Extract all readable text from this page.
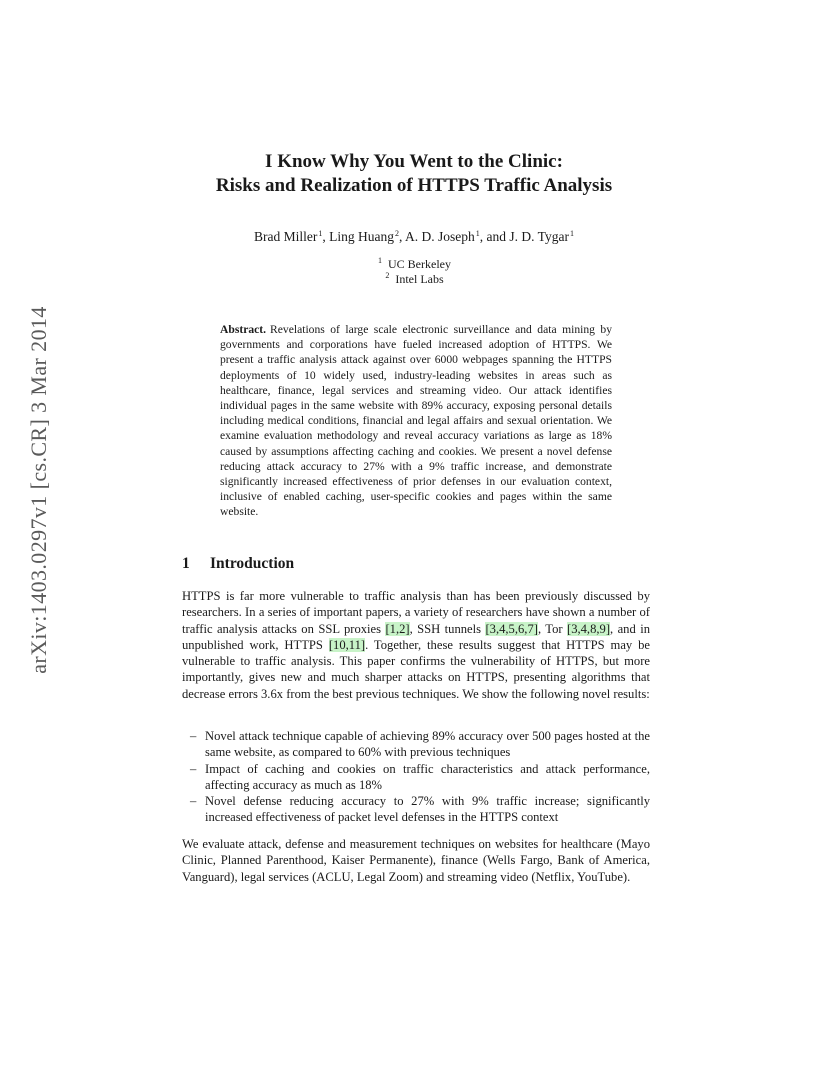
arXiv:1403.0297v1 [cs.CR] 3 Mar 2014
I Know Why You Went to the Clinic:
Risks and Realization of HTTPS Traffic Analysis
Brad Miller$^1$, Ling Huang$^2$, A. D. Joseph$^1$, and J. D. Tygar$^1$
$^1$ UC Berkeley
$^2$ Intel Labs
Abstract. Revelations of large scale electronic surveillance and data mining by governments and corporations have fueled increased adoption of HTTPS. We present a traffic analysis attack against over 6000 webpages spanning the HTTPS deployments of 10 widely used, industry-leading websites in areas such as healthcare, finance, legal services and streaming video. Our attack identifies individual pages in the same website with 89% accuracy, exposing personal details including medical conditions, financial and legal affairs and sexual orientation. We examine evaluation methodology and reveal accuracy variations as large as 18% caused by assumptions affecting caching and cookies. We present a novel defense reducing attack accuracy to 27% with a 9% traffic increase, and demonstrate significantly increased effectiveness of prior defenses in our evaluation context, inclusive of enabled caching, user-specific cookies and pages within the same website.
1 Introduction
HTTPS is far more vulnerable to traffic analysis than has been previously discussed by researchers. In a series of important papers, a variety of researchers have shown a number of traffic analysis attacks on SSL proxies [1,2], SSH tunnels [3,4,5,6,7], Tor [3,4,8,9], and in unpublished work, HTTPS [10,11]. Together, these results suggest that HTTPS may be vulnerable to traffic analysis. This paper confirms the vulnerability of HTTPS, but more importantly, gives new and much sharper attacks on HTTPS, presenting algorithms that decrease errors 3.6x from the best previous techniques. We show the following novel results:
– Novel attack technique capable of achieving 89% accuracy over 500 pages hosted at the same website, as compared to 60% with previous techniques
– Impact of caching and cookies on traffic characteristics and attack performance, affecting accuracy as much as 18%
– Novel defense reducing accuracy to 27% with 9% traffic increase; significantly increased effectiveness of packet level defenses in the HTTPS context
We evaluate attack, defense and measurement techniques on websites for healthcare (Mayo Clinic, Planned Parenthood, Kaiser Permanente), finance (Wells Fargo, Bank of America, Vanguard), legal services (ACLU, Legal Zoom) and streaming video (Netflix, YouTube).
